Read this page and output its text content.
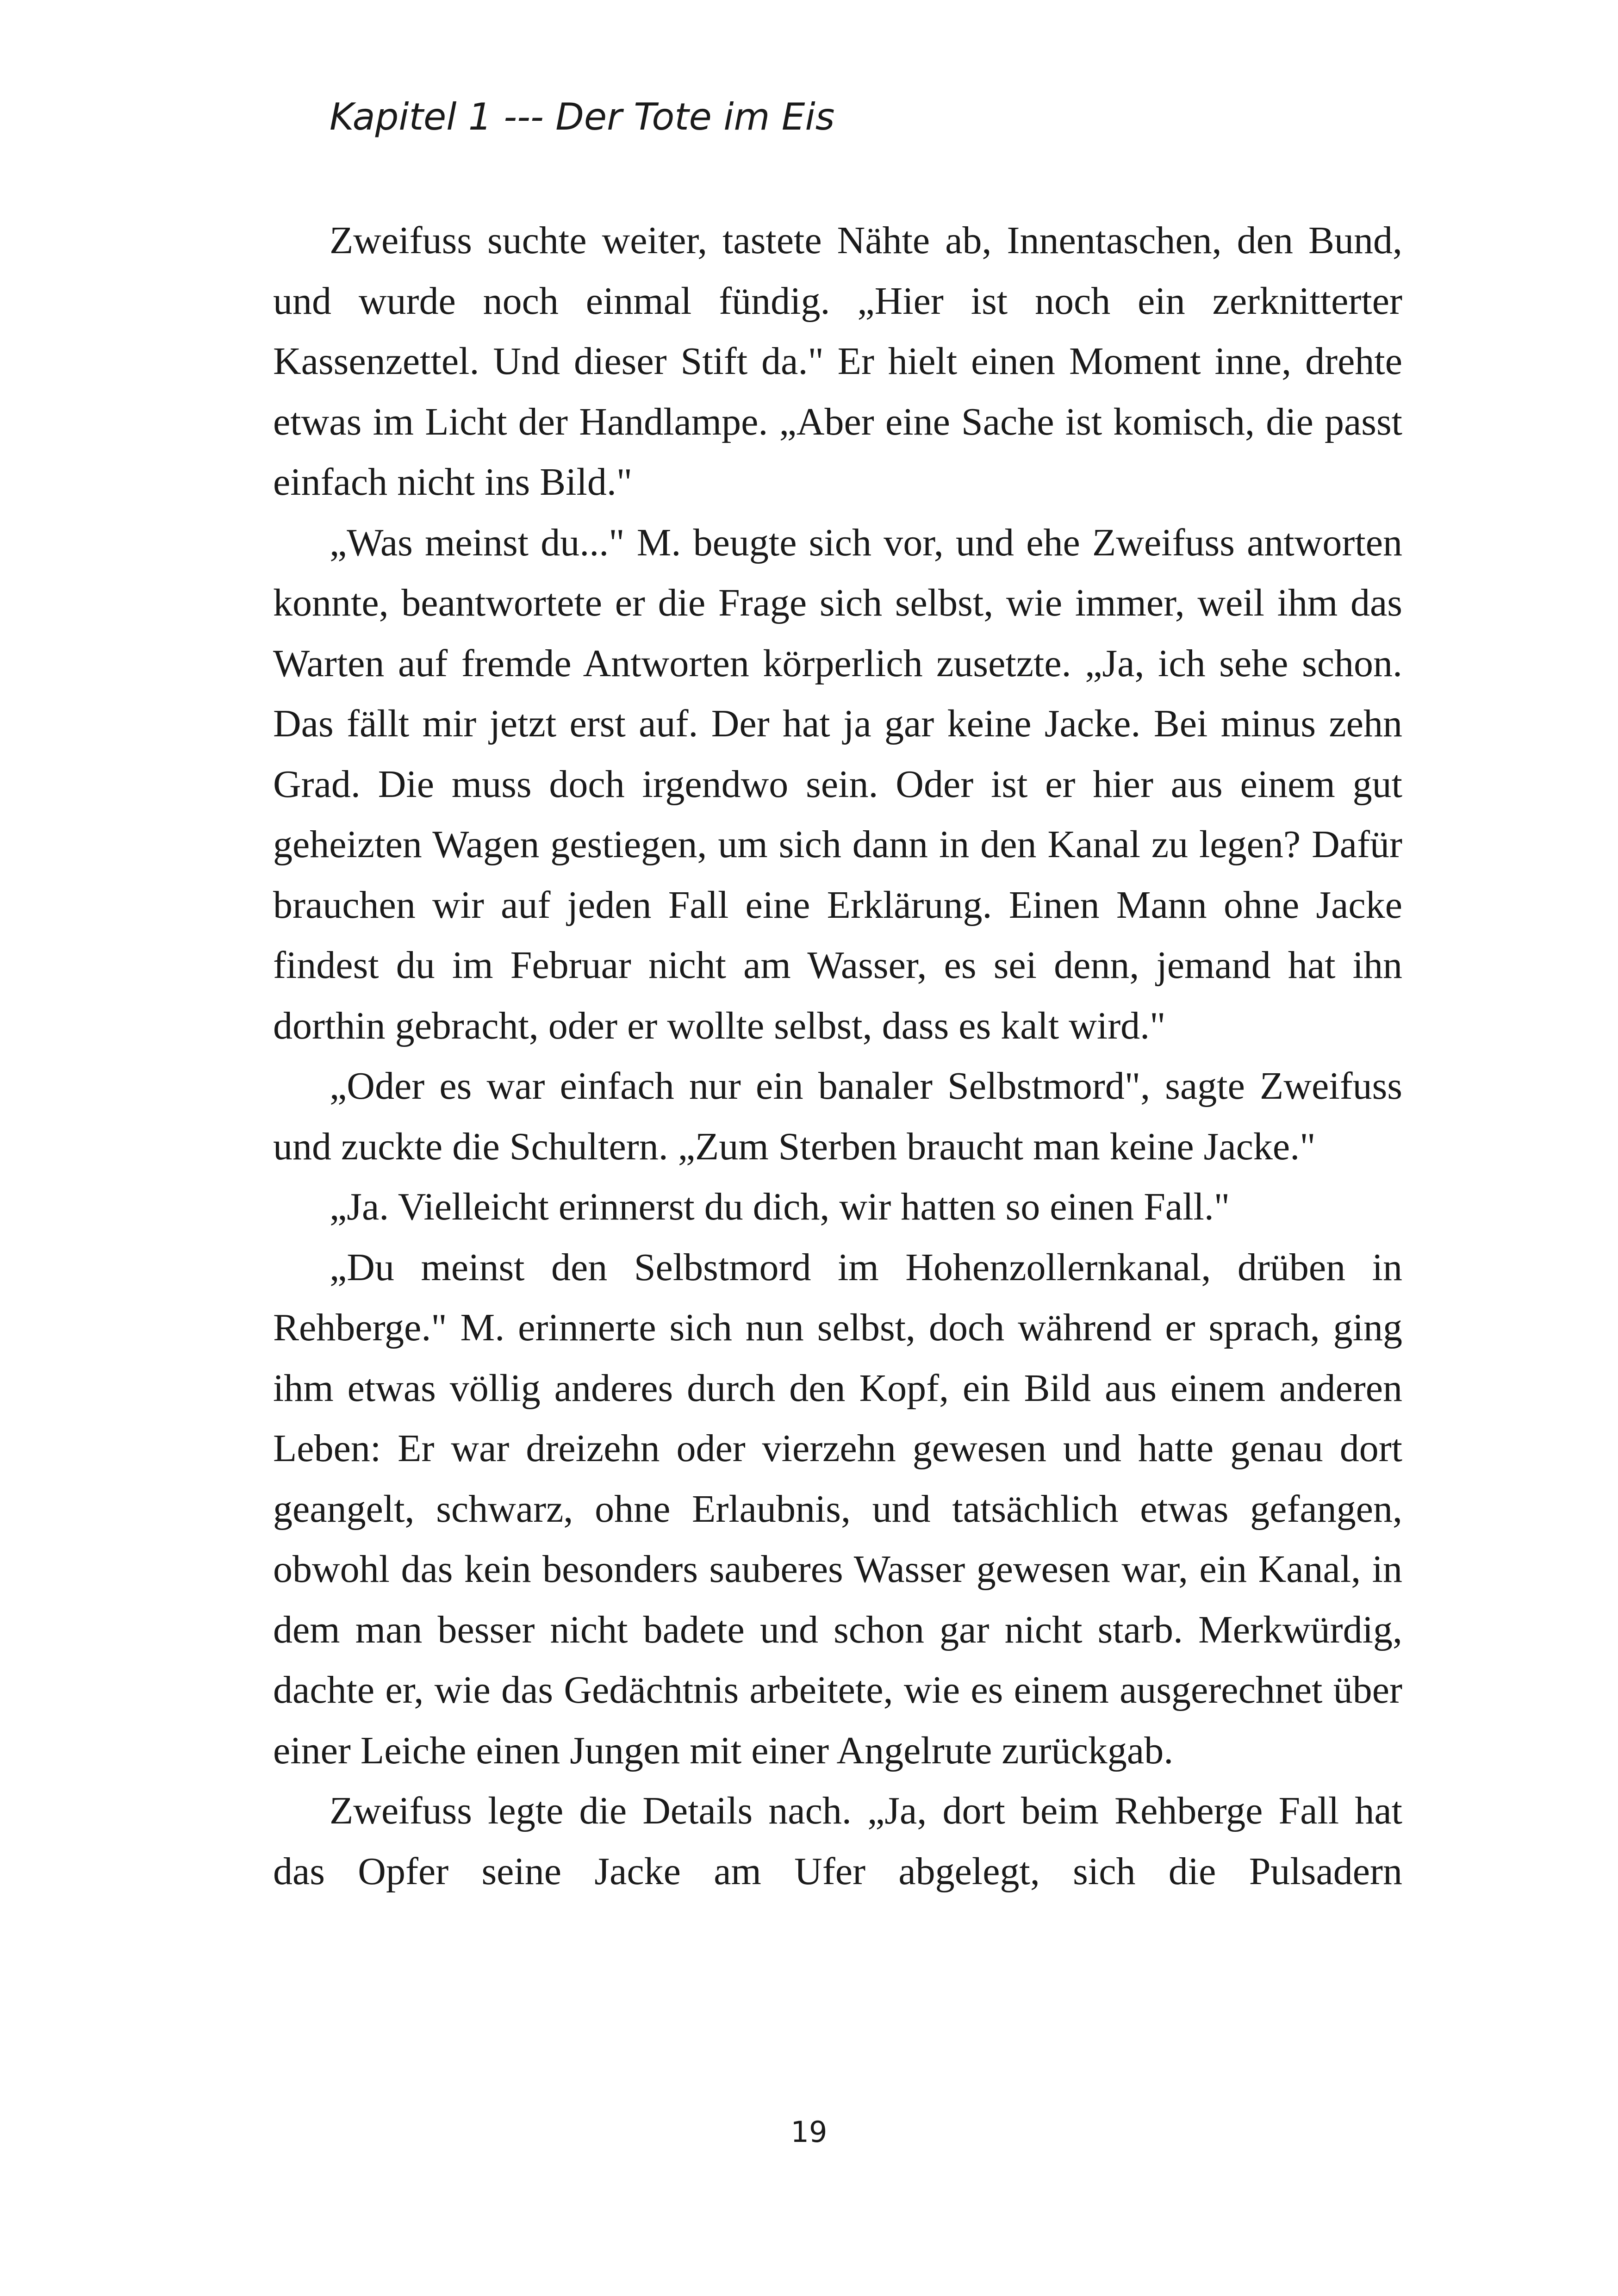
Kapitel 1 --- Der Tote im Eis

Zweifuss suchte weiter, tastete Nähte ab, Innentaschen, den Bund, und wurde noch einmal fündig. „Hier ist noch ein zerknitterter Kassenzettel. Und dieser Stift da." Er hielt einen Moment inne, drehte etwas im Licht der Handlampe. „Aber eine Sache ist komisch, die passt einfach nicht ins Bild."

„Was meinst du..." M. beugte sich vor, und ehe Zweifuss antworten konnte, beantwortete er die Frage sich selbst, wie immer, weil ihm das Warten auf fremde Antworten körperlich zusetzte. „Ja, ich sehe schon. Das fällt mir jetzt erst auf. Der hat ja gar keine Jacke. Bei minus zehn Grad. Die muss doch irgendwo sein. Oder ist er hier aus einem gut geheizten Wagen gestiegen, um sich dann in den Kanal zu legen? Dafür brauchen wir auf jeden Fall eine Erklärung. Einen Mann ohne Jacke findest du im Februar nicht am Wasser, es sei denn, jemand hat ihn dorthin gebracht, oder er wollte selbst, dass es kalt wird."

„Oder es war einfach nur ein banaler Selbstmord", sagte Zweifuss und zuckte die Schultern. „Zum Sterben braucht man keine Jacke."

„Ja. Vielleicht erinnerst du dich, wir hatten so einen Fall."

„Du meinst den Selbstmord im Hohenzollernkanal, drüben in Rehberge." M. erinnerte sich nun selbst, doch während er sprach, ging ihm etwas völlig anderes durch den Kopf, ein Bild aus einem anderen Leben: Er war dreizehn oder vierzehn gewesen und hatte genau dort geangelt, schwarz, ohne Erlaubnis, und tatsächlich etwas gefangen, obwohl das kein besonders sauberes Wasser gewesen war, ein Kanal, in dem man besser nicht badete und schon gar nicht starb. Merkwürdig, dachte er, wie das Gedächtnis arbeitete, wie es einem ausgerechnet über einer Leiche einen Jungen mit einer Angelrute zurückgab.

Zweifuss legte die Details nach. „Ja, dort beim Rehberge Fall hat das Opfer seine Jacke am Ufer abgelegt, sich die Pulsadern

19
